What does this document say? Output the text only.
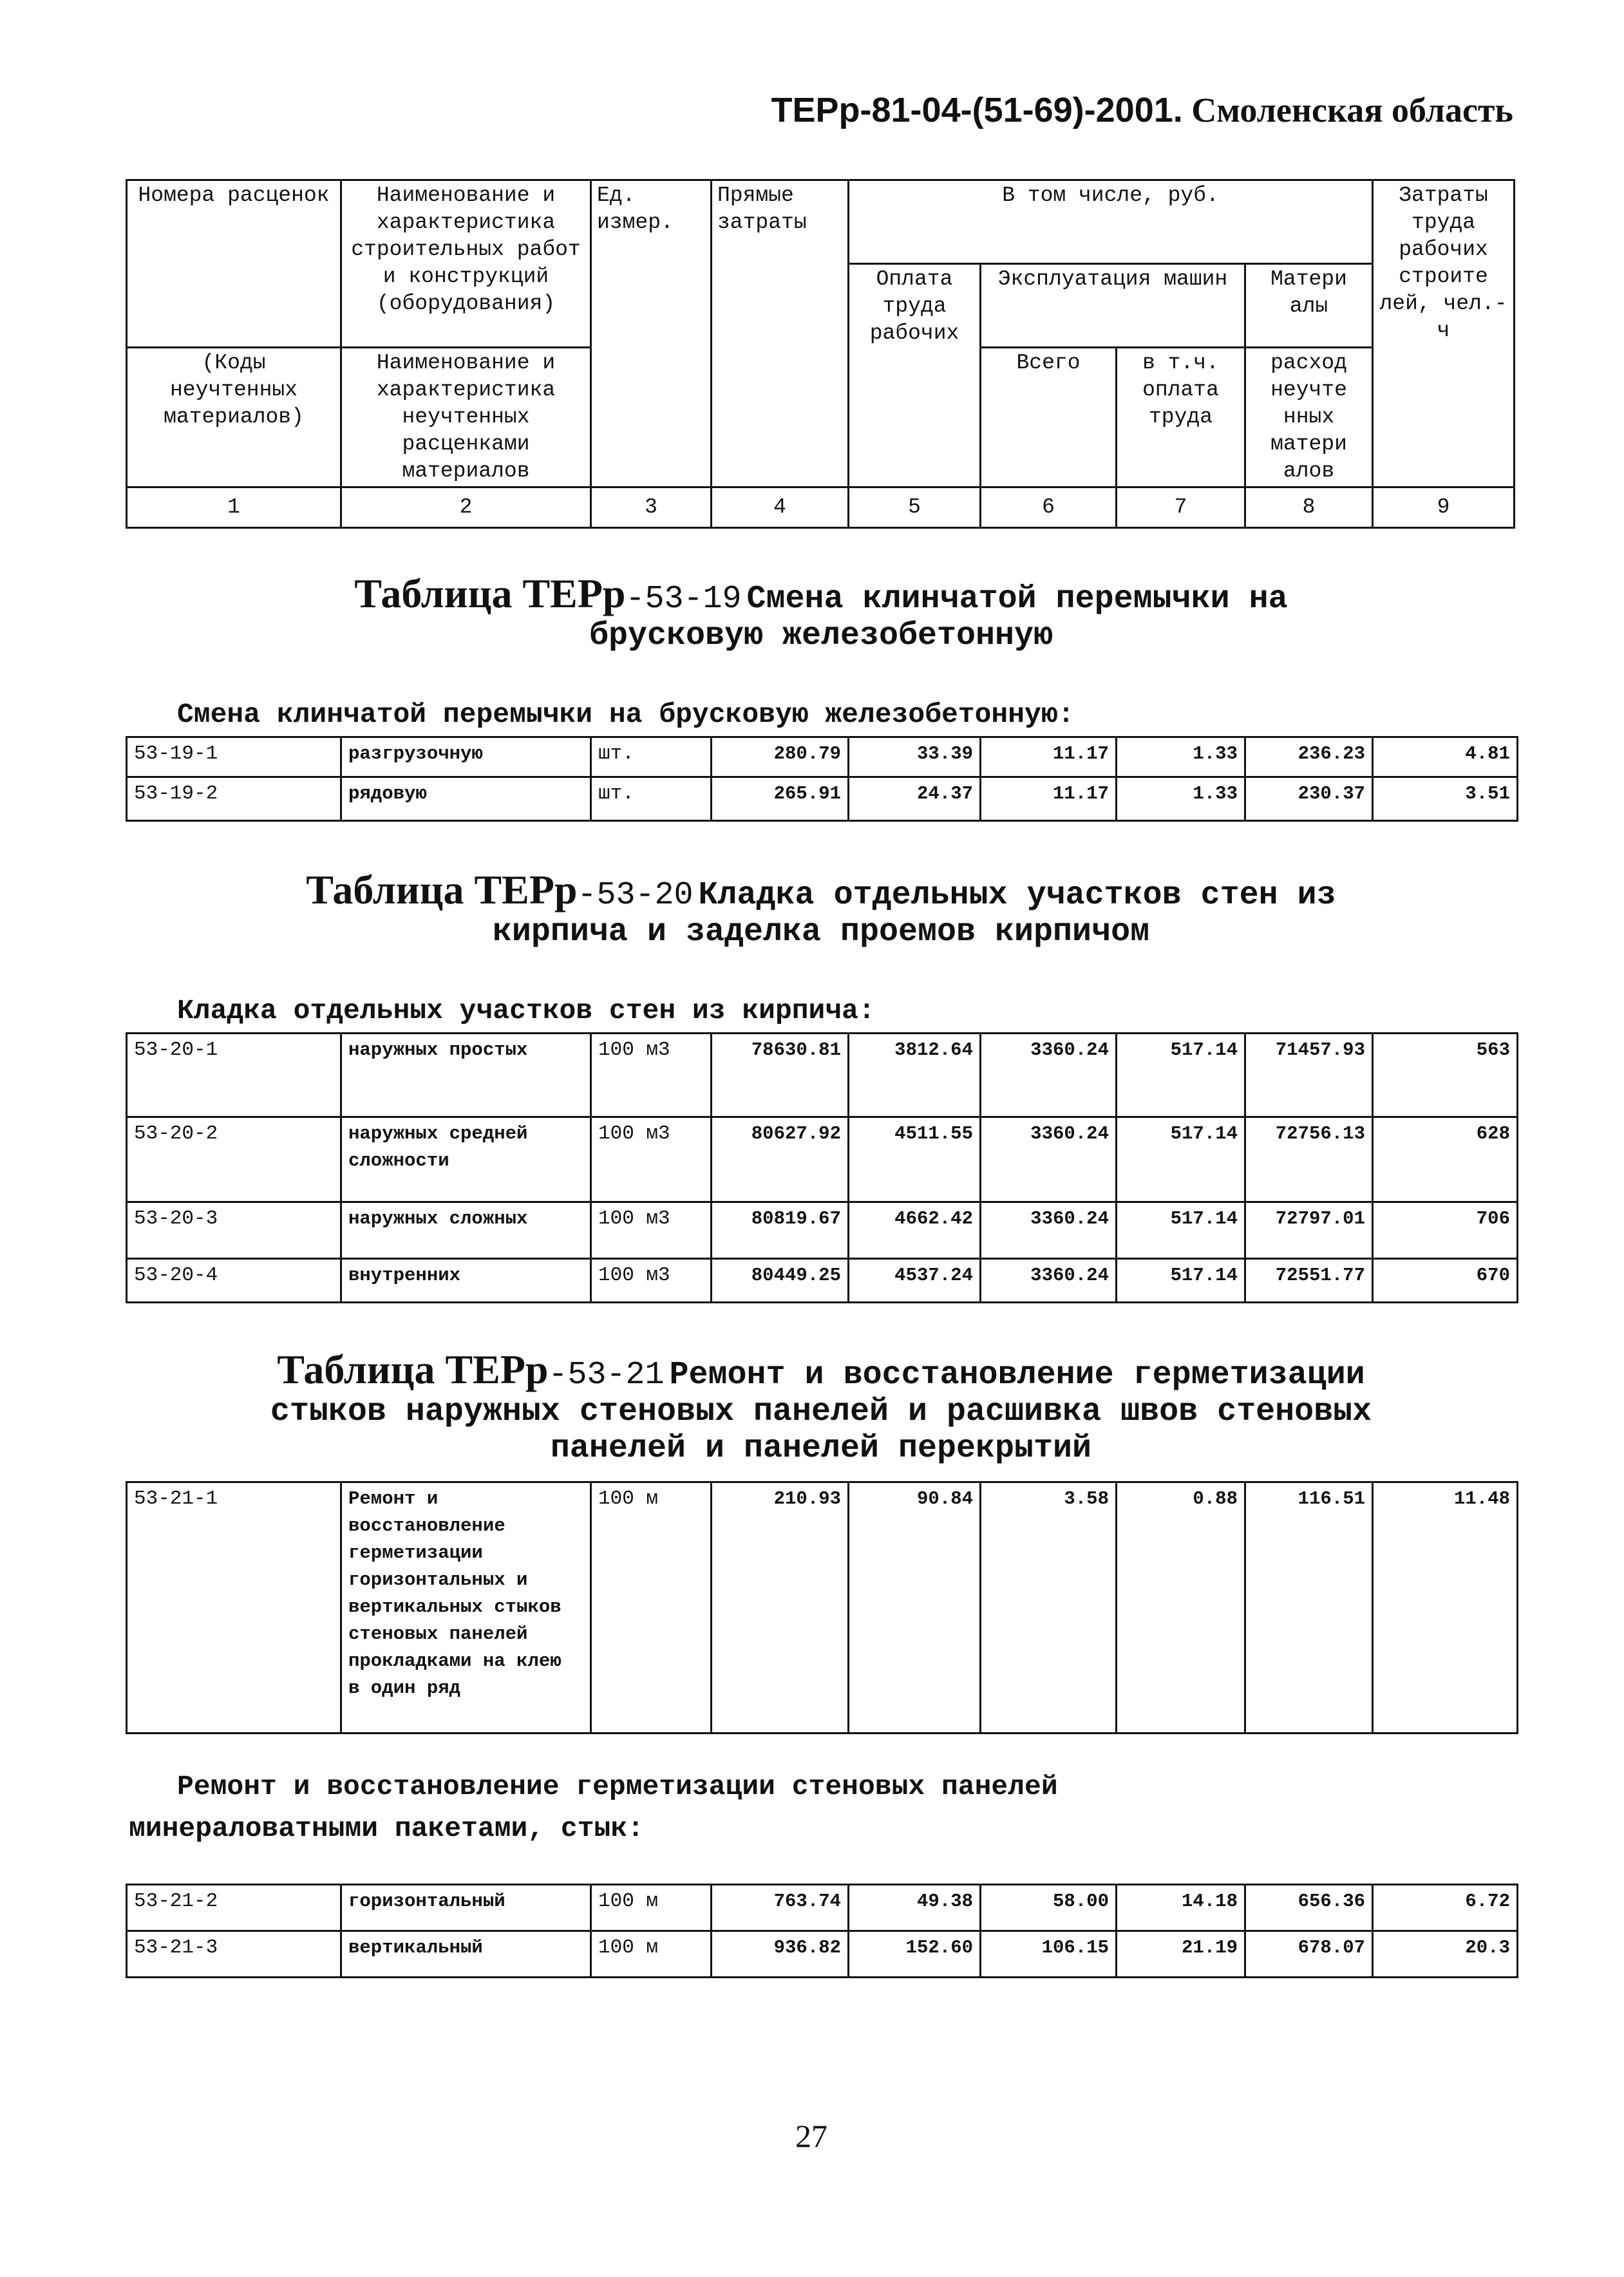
ТЕРр-81-04-(51-69)-2001. Смоленская область
Номера расценок	Наименование и характеристика строительных работ и конструкций (оборудования)	Ед. измер.	Прямые затраты	В том числе, руб.				Затраты труда рабочих строите лей, чел.-ч
				Оплата труда рабочих	Эксплуатация машин		Матери алы	
(Коды неучтенных материалов)	Наименование и характеристика неучтенных расценками материалов				Всего	в т.ч. оплата труда	расход неучте нных матери алов	
1	2	3	4	5	6	7	8	9
Таблица ТЕРр-53-19 Смена клинчатой перемычки на
брусковую железобетонную
Смена клинчатой перемычки на брусковую железобетонную:
53-19-1	разгрузочную	шт.	280.79	33.39	11.17	1.33	236.23	4.81
53-19-2	рядовую	шт.	265.91	24.37	11.17	1.33	230.37	3.51
Таблица ТЕРр-53-20 Кладка отдельных участков стен из
кирпича и заделка проемов кирпичом
Кладка отдельных участков стен из кирпича:
53-20-1	наружных простых	100 м3	78630.81	3812.64	3360.24	517.14	71457.93	563
53-20-2	наружных средней сложности	100 м3	80627.92	4511.55	3360.24	517.14	72756.13	628
53-20-3	наружных сложных	100 м3	80819.67	4662.42	3360.24	517.14	72797.01	706
53-20-4	внутренних	100 м3	80449.25	4537.24	3360.24	517.14	72551.77	670
Таблица ТЕРр-53-21 Ремонт и восстановление герметизации
стыков наружных стеновых панелей и расшивка швов стеновых
панелей и панелей перекрытий
53-21-1	Ремонт и восстановление герметизации горизонтальных и вертикальных стыков стеновых панелей прокладками на клею в один ряд	100 м	210.93	90.84	3.58	0.88	116.51	11.48
Ремонт и восстановление герметизации стеновых панелей
минераловатными пакетами, стык:
53-21-2	горизонтальный	100 м	763.74	49.38	58.00	14.18	656.36	6.72
53-21-3	вертикальный	100 м	936.82	152.60	106.15	21.19	678.07	20.3
27
